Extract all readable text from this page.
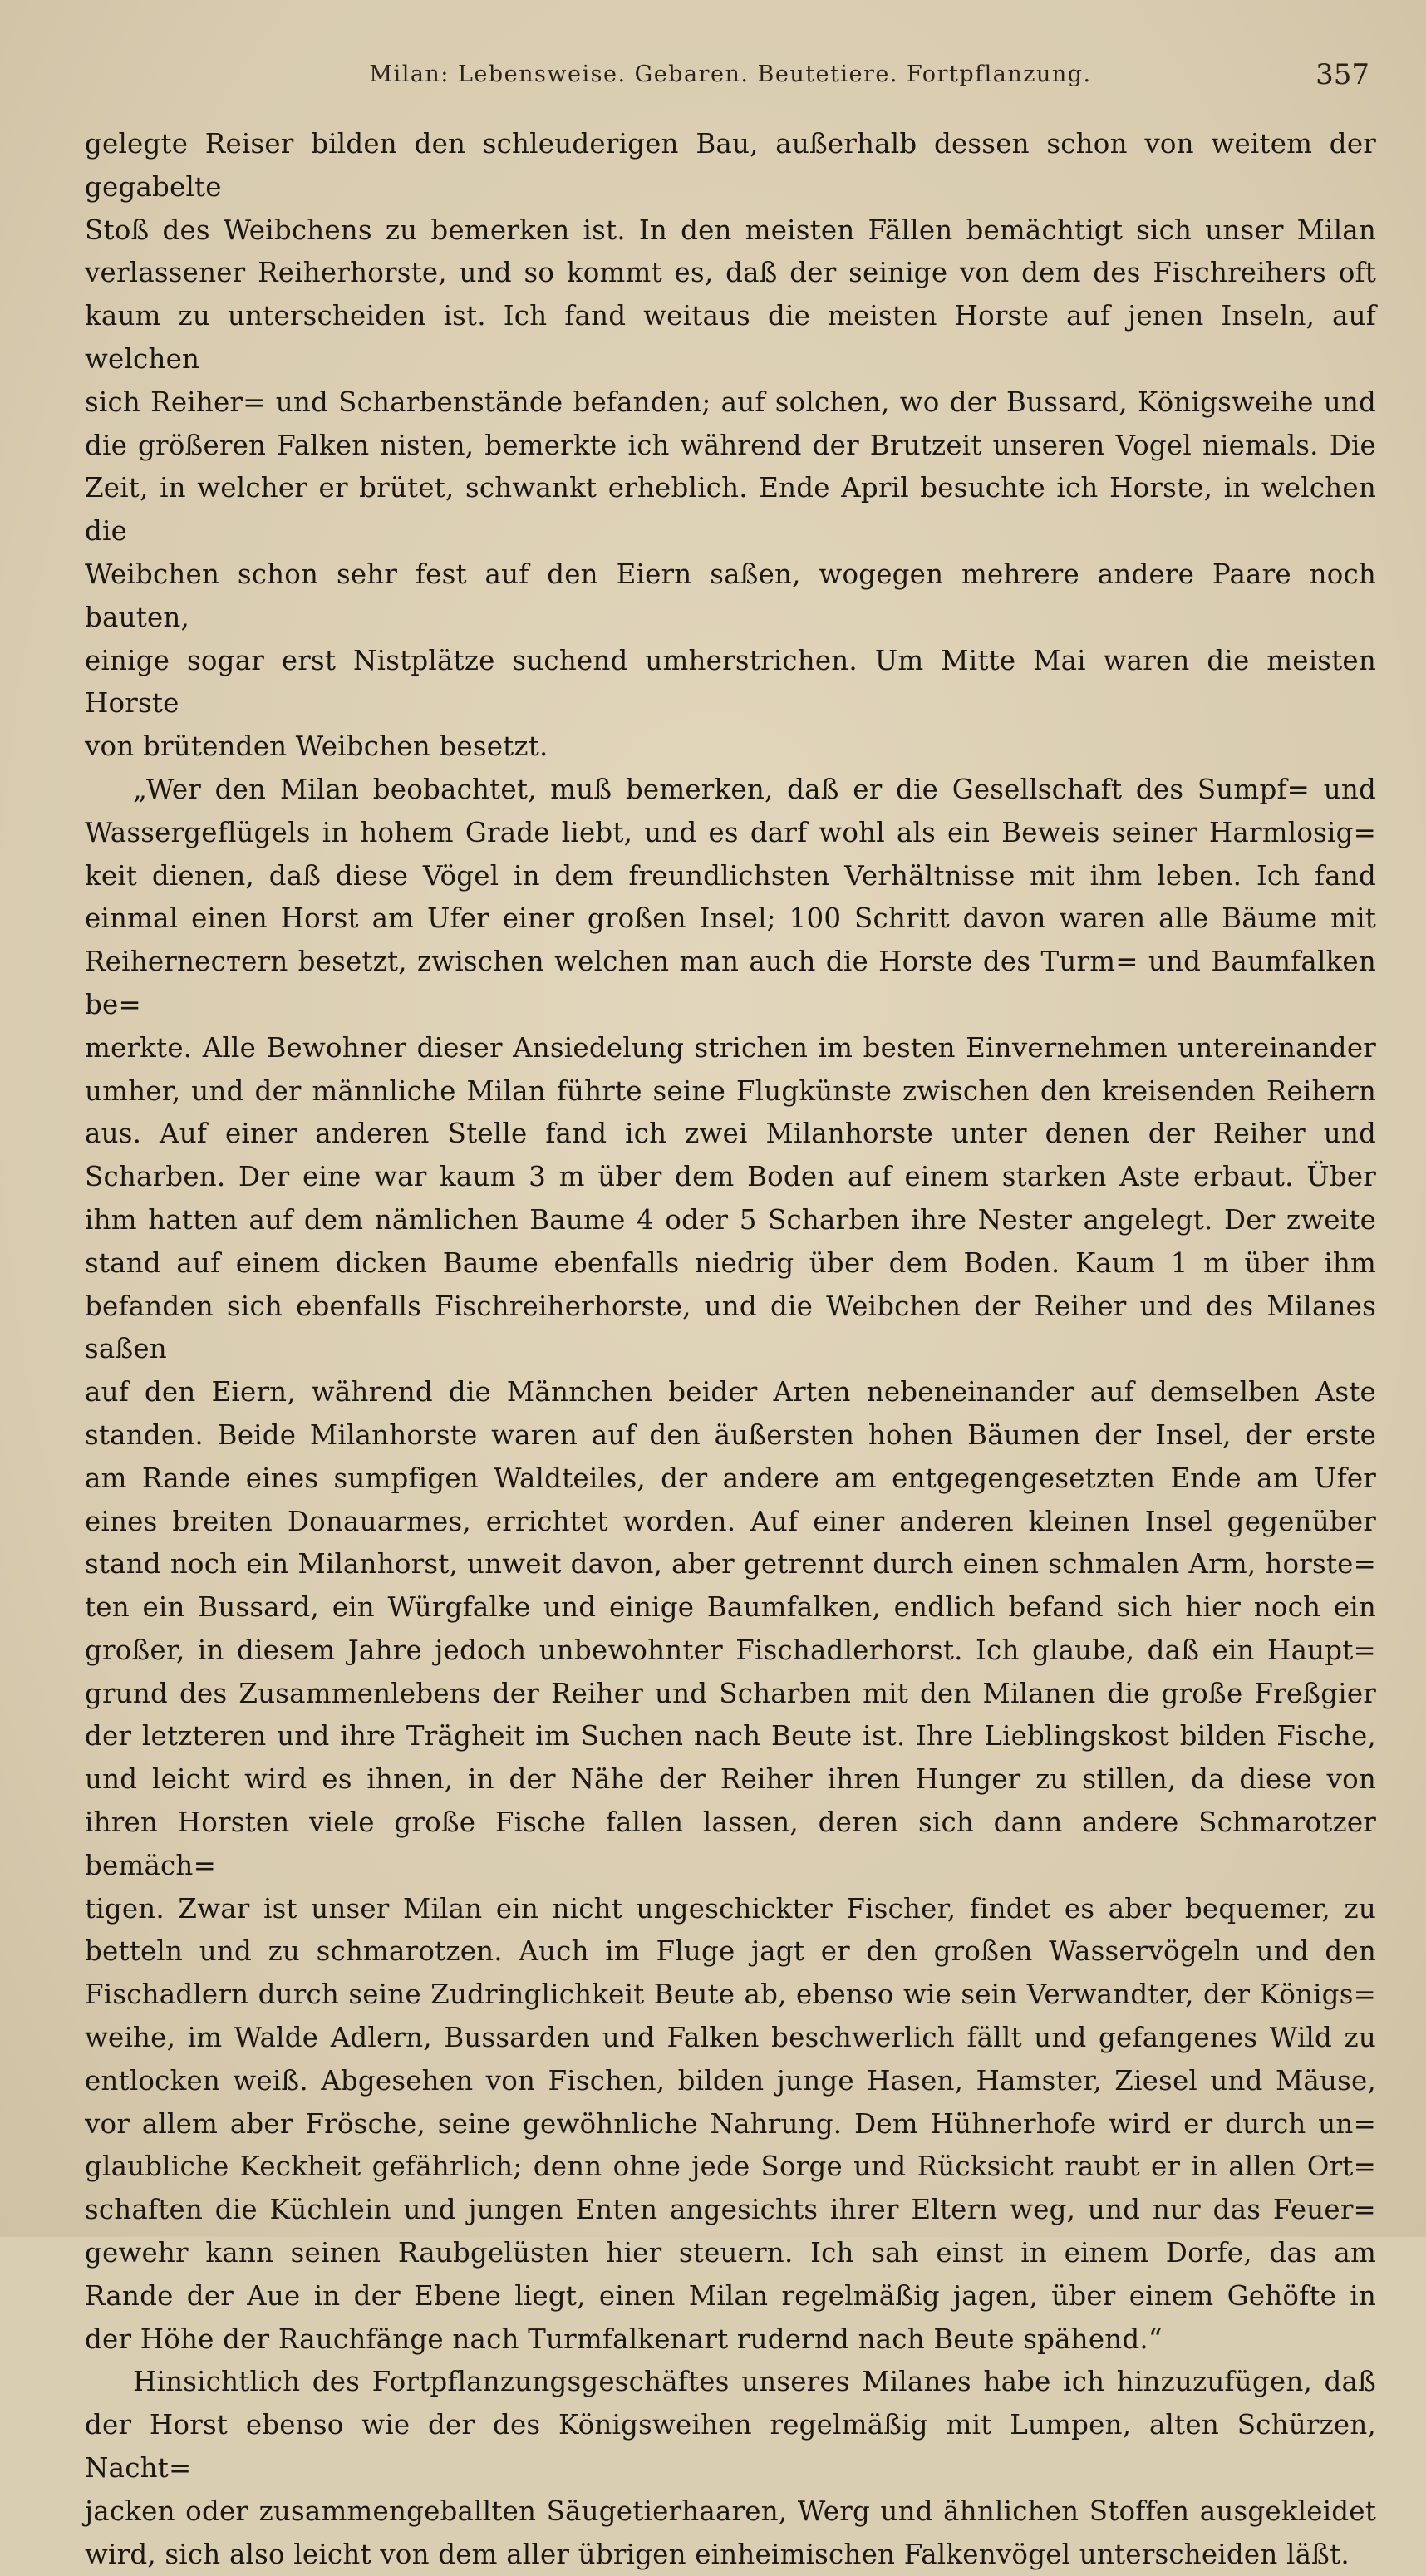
Milan: Lebensweise. Gebaren. Beutetiere. Fortpflanzung.	357

gelegte Reiser bilden den schleuderigen Bau, außerhalb dessen schon von weitem der gegabelte
Stoß des Weibchens zu bemerken ist. In den meisten Fällen bemächtigt sich unser Milan
verlassener Reiherhorste, und so kommt es, daß der seinige von dem des Fischreihers oft
kaum zu unterscheiden ist. Ich fand weitaus die meisten Horste auf jenen Inseln, auf welchen
sich Reiher= und Scharbenstände befanden; auf solchen, wo der Bussard, Königsweihe und
die größeren Falken nisten, bemerkte ich während der Brutzeit unseren Vogel niemals. Die
Zeit, in welcher er brütet, schwankt erheblich. Ende April besuchte ich Horste, in welchen die
Weibchen schon sehr fest auf den Eiern saßen, wogegen mehrere andere Paare noch bauten,
einige sogar erst Nistplätze suchend umherstrichen. Um Mitte Mai waren die meisten Horste
von brütenden Weibchen besetzt.

„Wer den Milan beobachtet, muß bemerken, daß er die Gesellschaft des Sumpf= und
Wassergeflügels in hohem Grade liebt, und es darf wohl als ein Beweis seiner Harmlosig=
keit dienen, daß diese Vögel in dem freundlichsten Verhältnisse mit ihm leben. Ich fand
einmal einen Horst am Ufer einer großen Insel; 100 Schritt davon waren alle Bäume mit
Reiherneстern besetzt, zwischen welchen man auch die Horste des Turm= und Baumfalken be=
merkte. Alle Bewohner dieser Ansiedelung strichen im besten Einvernehmen untereinander
umher, und der männliche Milan führte seine Flugkünste zwischen den kreisenden Reihern
aus. Auf einer anderen Stelle fand ich zwei Milanhorste unter denen der Reiher und
Scharben. Der eine war kaum 3 m über dem Boden auf einem starken Aste erbaut. Über
ihm hatten auf dem nämlichen Baume 4 oder 5 Scharben ihre Nester angelegt. Der zweite
stand auf einem dicken Baume ebenfalls niedrig über dem Boden. Kaum 1 m über ihm
befanden sich ebenfalls Fischreiherhorste, und die Weibchen der Reiher und des Milanes saßen
auf den Eiern, während die Männchen beider Arten nebeneinander auf demselben Aste
standen. Beide Milanhorste waren auf den äußersten hohen Bäumen der Insel, der erste
am Rande eines sumpfigen Waldteiles, der andere am entgegengesetzten Ende am Ufer
eines breiten Donauarmes, errichtet worden. Auf einer anderen kleinen Insel gegenüber
stand noch ein Milanhorst, unweit davon, aber getrennt durch einen schmalen Arm, horste=
ten ein Bussard, ein Würgfalke und einige Baumfalken, endlich befand sich hier noch ein
großer, in diesem Jahre jedoch unbewohnter Fischadlerhorst. Ich glaube, daß ein Haupt=
grund des Zusammenlebens der Reiher und Scharben mit den Milanen die große Freßgier
der letzteren und ihre Trägheit im Suchen nach Beute ist. Ihre Lieblingskost bilden Fische,
und leicht wird es ihnen, in der Nähe der Reiher ihren Hunger zu stillen, da diese von
ihren Horsten viele große Fische fallen lassen, deren sich dann andere Schmarotzer bemäch=
tigen. Zwar ist unser Milan ein nicht ungeschickter Fischer, findet es aber bequemer, zu
betteln und zu schmarotzen. Auch im Fluge jagt er den großen Wasservögeln und den
Fischadlern durch seine Zudringlichkeit Beute ab, ebenso wie sein Verwandter, der Königs=
weihe, im Walde Adlern, Bussarden und Falken beschwerlich fällt und gefangenes Wild zu
entlocken weiß. Abgesehen von Fischen, bilden junge Hasen, Hamster, Ziesel und Mäuse,
vor allem aber Frösche, seine gewöhnliche Nahrung. Dem Hühnerhofe wird er durch un=
glaubliche Keckheit gefährlich; denn ohne jede Sorge und Rücksicht raubt er in allen Ort=
schaften die Küchlein und jungen Enten angesichts ihrer Eltern weg, und nur das Feuer=
gewehr kann seinen Raubgelüsten hier steuern. Ich sah einst in einem Dorfe, das am
Rande der Aue in der Ebene liegt, einen Milan regelmäßig jagen, über einem Gehöfte in
der Höhe der Rauchfänge nach Turmfalkenart rudernd nach Beute spähend.“

Hinsichtlich des Fortpflanzungsgeschäftes unseres Milanes habe ich hinzuzufügen, daß
der Horst ebenso wie der des Königsweihen regelmäßig mit Lumpen, alten Schürzen, Nacht=
jacken oder zusammengeballten Säugetierhaaren, Werg und ähnlichen Stoffen ausgekleidet
wird, sich also leicht von dem aller übrigen einheimischen Falkenvögel unterscheiden läßt.
